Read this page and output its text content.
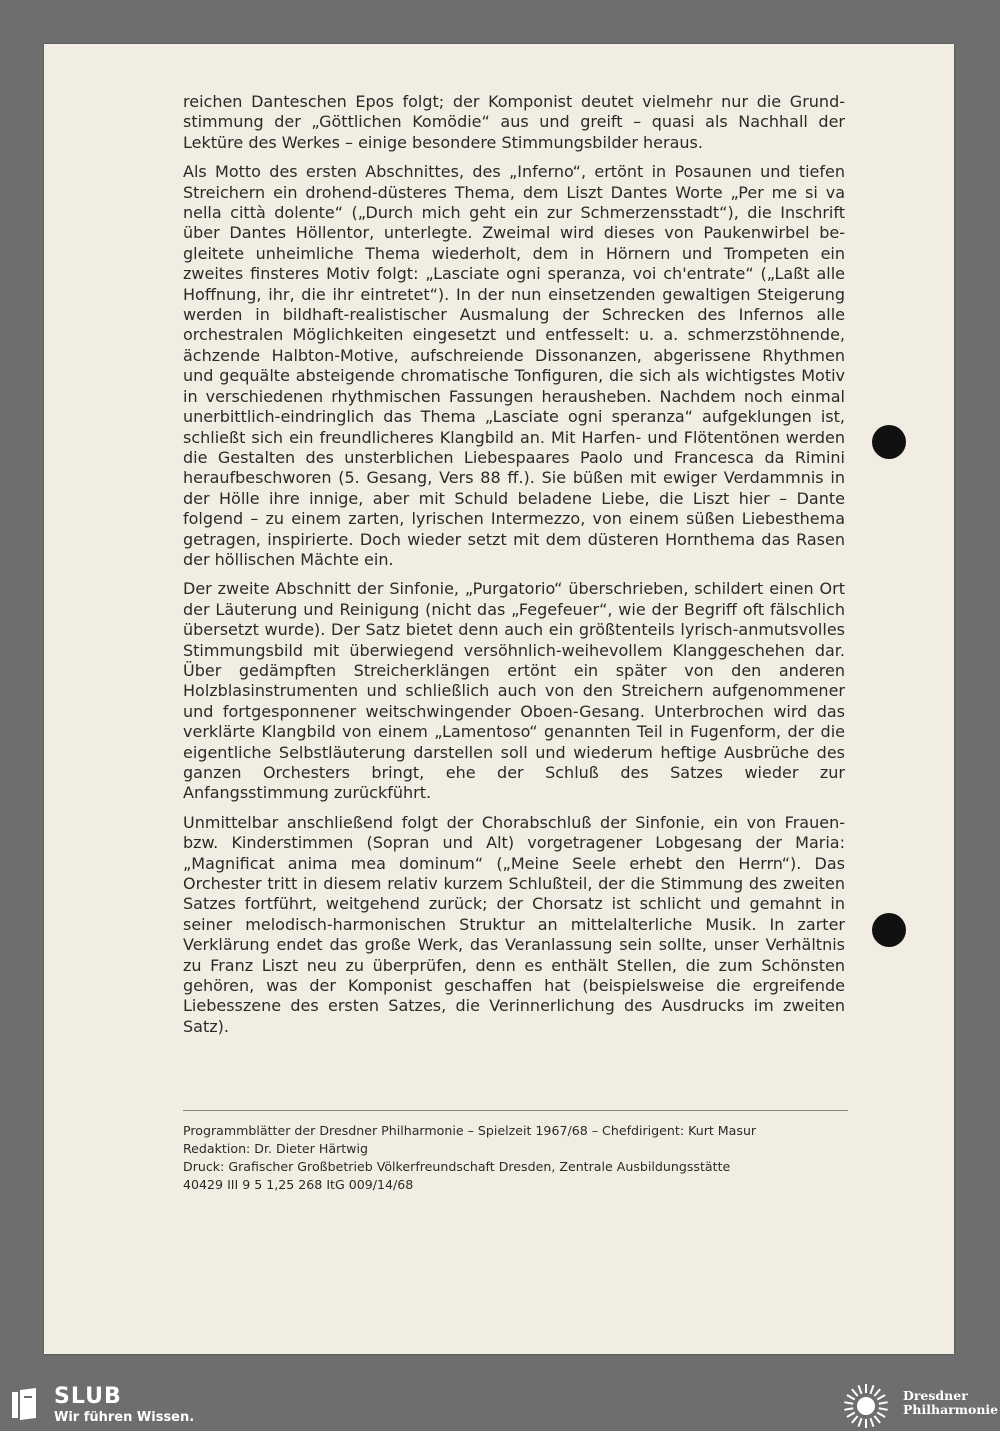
reichen Danteschen Epos folgt; der Komponist deutet vielmehr nur die Grundstimmung der „Göttlichen Komödie“ aus und greift – quasi als Nachhall der Lektüre des Werkes – einige besondere Stimmungsbilder heraus.

Als Motto des ersten Abschnittes, des „Inferno“, ertönt in Posaunen und tiefen Streichern ein drohend-düsteres Thema, dem Liszt Dantes Worte „Per me si va nella città dolente“ („Durch mich geht ein zur Schmerzensstadt“), die Inschrift über Dantes Höllentor, unterlegte. Zweimal wird dieses von Paukenwirbel begleitete unheimliche Thema wiederholt, dem in Hörnern und Trompeten ein zweites finsteres Motiv folgt: „Lasciate ogni speranza, voi ch'entrate“ („Laßt alle Hoffnung, ihr, die ihr eintretet“). In der nun einsetzenden gewaltigen Steigerung werden in bildhaft-realistischer Ausmalung der Schrecken des Infernos alle orchestralen Möglichkeiten eingesetzt und entfesselt: u. a. schmerzstöhnende, ächzende Halbton-Motive, aufschreiende Dissonanzen, abgerissene Rhythmen und gequälte absteigende chromatische Tonfiguren, die sich als wichtigstes Motiv in verschiedenen rhythmischen Fassungen herausheben. Nachdem noch einmal unerbittlich-eindringlich das Thema „Lasciate ogni speranza“ aufgeklungen ist, schließt sich ein freundlicheres Klangbild an. Mit Harfen- und Flötentönen werden die Gestalten des unsterblichen Liebespaares Paolo und Francesca da Rimini heraufbeschworen (5. Gesang, Vers 88 ff.). Sie büßen mit ewiger Verdammnis in der Hölle ihre innige, aber mit Schuld beladene Liebe, die Liszt hier – Dante folgend – zu einem zarten, lyrischen Intermezzo, von einem süßen Liebesthema getragen, inspirierte. Doch wieder setzt mit dem düsteren Hornthema das Rasen der höllischen Mächte ein.

Der zweite Abschnitt der Sinfonie, „Purgatorio“ überschrieben, schildert einen Ort der Läuterung und Reinigung (nicht das „Fegefeuer“, wie der Begriff oft fälschlich übersetzt wurde). Der Satz bietet denn auch ein größtenteils lyrisch-anmutsvolles Stimmungsbild mit überwiegend versöhnlich-weihevollem Klanggeschehen dar. Über gedämpften Streicherklängen ertönt ein später von den anderen Holzblasinstrumenten und schließlich auch von den Streichern aufgenommener und fortgesponnener weitschwingender Oboen-Gesang. Unterbrochen wird das verklärte Klangbild von einem „Lamentoso“ genannten Teil in Fugenform, der die eigentliche Selbstläuterung darstellen soll und wiederum heftige Ausbrüche des ganzen Orchesters bringt, ehe der Schluß des Satzes wieder zur Anfangsstimmung zurückführt.

Unmittelbar anschließend folgt der Chorabschluß der Sinfonie, ein von Frauen- bzw. Kinderstimmen (Sopran und Alt) vorgetragener Lobgesang der Maria: „Magnificat anima mea dominum“ („Meine Seele erhebt den Herrn“). Das Orchester tritt in diesem relativ kurzem Schlußteil, der die Stimmung des zweiten Satzes fortführt, weitgehend zurück; der Chorsatz ist schlicht und gemahnt in seiner melodisch-harmonischen Struktur an mittelalterliche Musik. In zarter Verklärung endet das große Werk, das Veranlassung sein sollte, unser Verhältnis zu Franz Liszt neu zu überprüfen, denn es enthält Stellen, die zum Schönsten gehören, was der Komponist geschaffen hat (beispielsweise die ergreifende Liebesszene des ersten Satzes, die Verinnerlichung des Ausdrucks im zweiten Satz).

Programmblätter der Dresdner Philharmonie – Spielzeit 1967/68 – Chefdirigent: Kurt Masur
Redaktion: Dr. Dieter Härtwig
Druck: Grafischer Großbetrieb Völkerfreundschaft Dresden, Zentrale Ausbildungsstätte
40429 III 9 5 1,25 268 ItG 009/14/68
SLUB
Wir führen Wissen.
Dresdner
Philharmonie
